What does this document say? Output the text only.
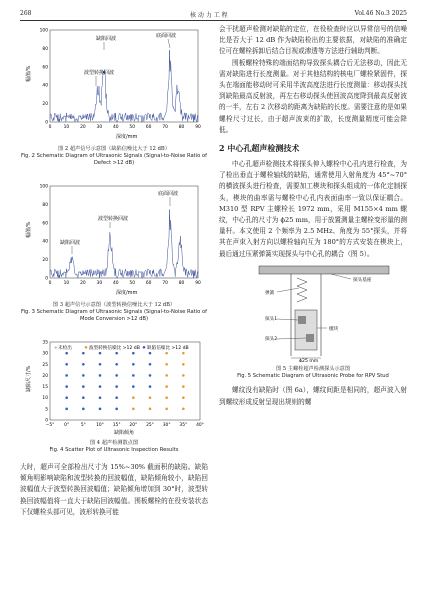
268	核 动 力 工 程	Vol.46 No.3 2025
0
20
40
60
80
100
0	10 20 30 40 50 60 70 80 90
缺陷回波
波型转换回波
底面回波
幅值/%
深度/mm
图 2 超声信号示意图（缺陷信噪比大于 12 dB）
Fig. 2 Schematic Diagram of Ultrasonic Signals (Signal-to-Noise Ratio of Defect >12 dB)
0
20
40
60
80
100
0	10 20 30 40 50 60 70 80 90
底面回波
波型转换回波
缺陷回波
幅值/%
深度/mm
图 3 超声信号示意图（波型转换信噪比大于 12 dB）
Fig. 3 Schematic Diagram of Ultrasonic Signals (Signal-to-Noise Ratio of Mode Conversion >12 dB)
+ 未检出	波型转换信噪比 >12 dB 缺陷信噪比 >12 dB
0
5
10
15
20
25
30
35
−5° 0°	5° 10° 15° 20° 25° 30° 35° 40°
缺陷尺寸/%
缺陷倾角
图 4 超声检测散点图
Fig. 4 Scatter Plot of Ultrasonic Inspection Results

大时，超声可全部检出尺寸为 15%~30% 截面积的缺陷。缺陷倾角明影响缺陷和波型转换的回波幅值，缺陷倾角较小，缺陷回波幅值大于波型转换回波幅值；缺陷倾角增加到 30°时，波型转换回波幅值将一直大于缺陷回波幅值。围板螺栓的在役安装状态下仅螺栓头部可见，波形转换可能

会干扰超声检测对缺陷的定位，在役检查时应以异常信号的信噪比是否大于 12 dB 作为缺陷检出的主要依据，对缺陷的准确定位可在螺栓拆卸后结合目视或渗透等方法进行辅助判断。

围板螺栓特殊的端面结构导致探头耦合后无法移动，因此无需对缺陷进行长度测量。对于其他结构的核电厂螺栓紧固件，探头在端面能移动时可采用半波高度法进行长度测量：移动探头找到缺陷最高反射波，再左右移动探头使回波高度降到最高反射波的一半，左右 2 次移动的距离为缺陷的长度。需要注意的是如果螺栓尺寸过长，由于超声波束的扩散，长度测量精度可能会降低。

2 中心孔超声检测技术

中心孔超声检测技术将探头伸入螺栓中心孔内进行检查，为了检出垂直于螺栓轴线的缺陷，通常使用入射角度为 45°~70°的横波探头进行检查，需要加工楔块和探头组成的一体化定制探头，楔块的曲率需与螺栓中心孔内表面曲率一致以保证耦合。M310 型 RPV 主螺栓长 1972 mm，采用 M155×4 mm 螺纹，中心孔的尺寸为 ϕ25 mm，用于放置测量主螺栓变形量的测量杆。本文使用 2 个频率为 2.5 MHz、角度为 55°探头，并将其在声束入射方向以螺栓轴向互为 180°的方式安装在楔块上，最后通过压紧弹簧实现探头与中心孔的耦合（图 5）。

ϕ25 mm
探头基座
弹簧
探头1
楔块
探头2
图 5 主螺栓超声检测探头示意图
Fig. 5 Schematic Diagram of Ultrasonic Probe for RPV Stud

螺纹没有缺陷时（图 6a），螺纹间距是相同的，超声波入射到螺纹形成反射呈现出规则的螺
